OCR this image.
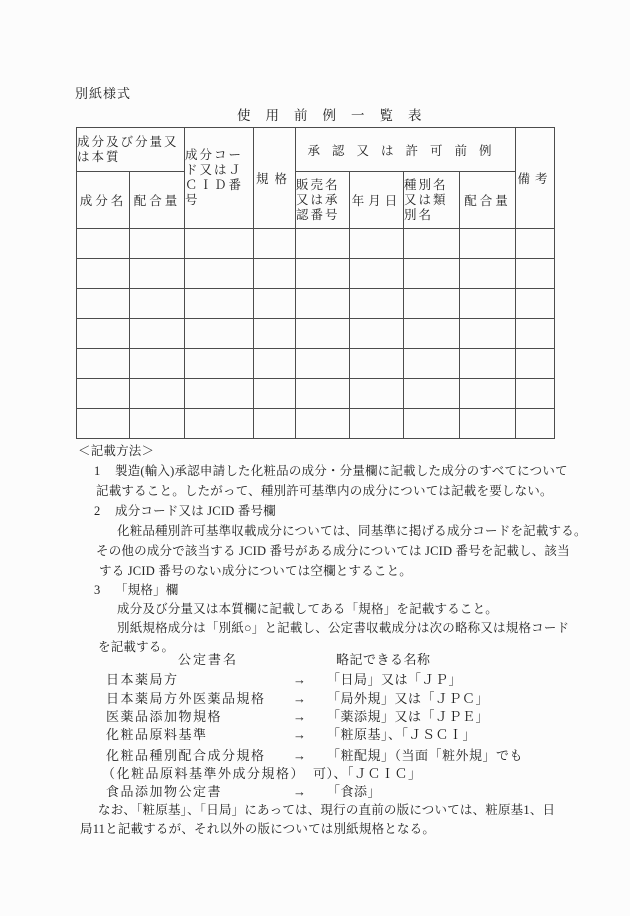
別紙様式
使用前例一覧表
成分及び分量又は本質		成分コード又はＪＣＩＤ番号	規格	承認又は許可前例				備考
成分名	配合量			販売名又は承認番号	年月日	種別名又は類別名	配合量	

＜記載方法＞
1 製造(輸入)承認申請した化粧品の成分・分量欄に記載した成分のすべてについて
記載すること。したがって、種別許可基準内の成分については記載を要しない。
2 成分コード又は JCID 番号欄
化粧品種別許可基準収載成分については、同基準に掲げる成分コードを記載する。
その他の成分で該当する JCID 番号がある成分については JCID 番号を記載し、該当
する JCID 番号のない成分については空欄とすること。
3 「規格」欄
成分及び分量又は本質欄に記載してある「規格」を記載すること。
別紙規格成分は「別紙○」と記載し、公定書収載成分は次の略称又は規格コード
を記載する。
公定書名	略記できる名称
日本薬局方	→ 「日局」又は「ＪＰ」
日本薬局方外医薬品規格 → 「局外規」又は「ＪＰＣ」
医薬品添加物規格	→ 「薬添規」又は「ＪＰＥ」
化粧品原料基準	→ 「粧原基」、「ＪＳＣＩ」
化粧品種別配合成分規格 → 「粧配規」（当面「粧外規」でも
（化粧品原料基準外成分規格） 可）、「ＪＣＩＣ」
食品添加物公定書	→ 「食添」
なお、「粧原基」、「日局」にあっては、現行の直前の版については、粧原基1、日
局11と記載するが、それ以外の版については別紙規格となる。
